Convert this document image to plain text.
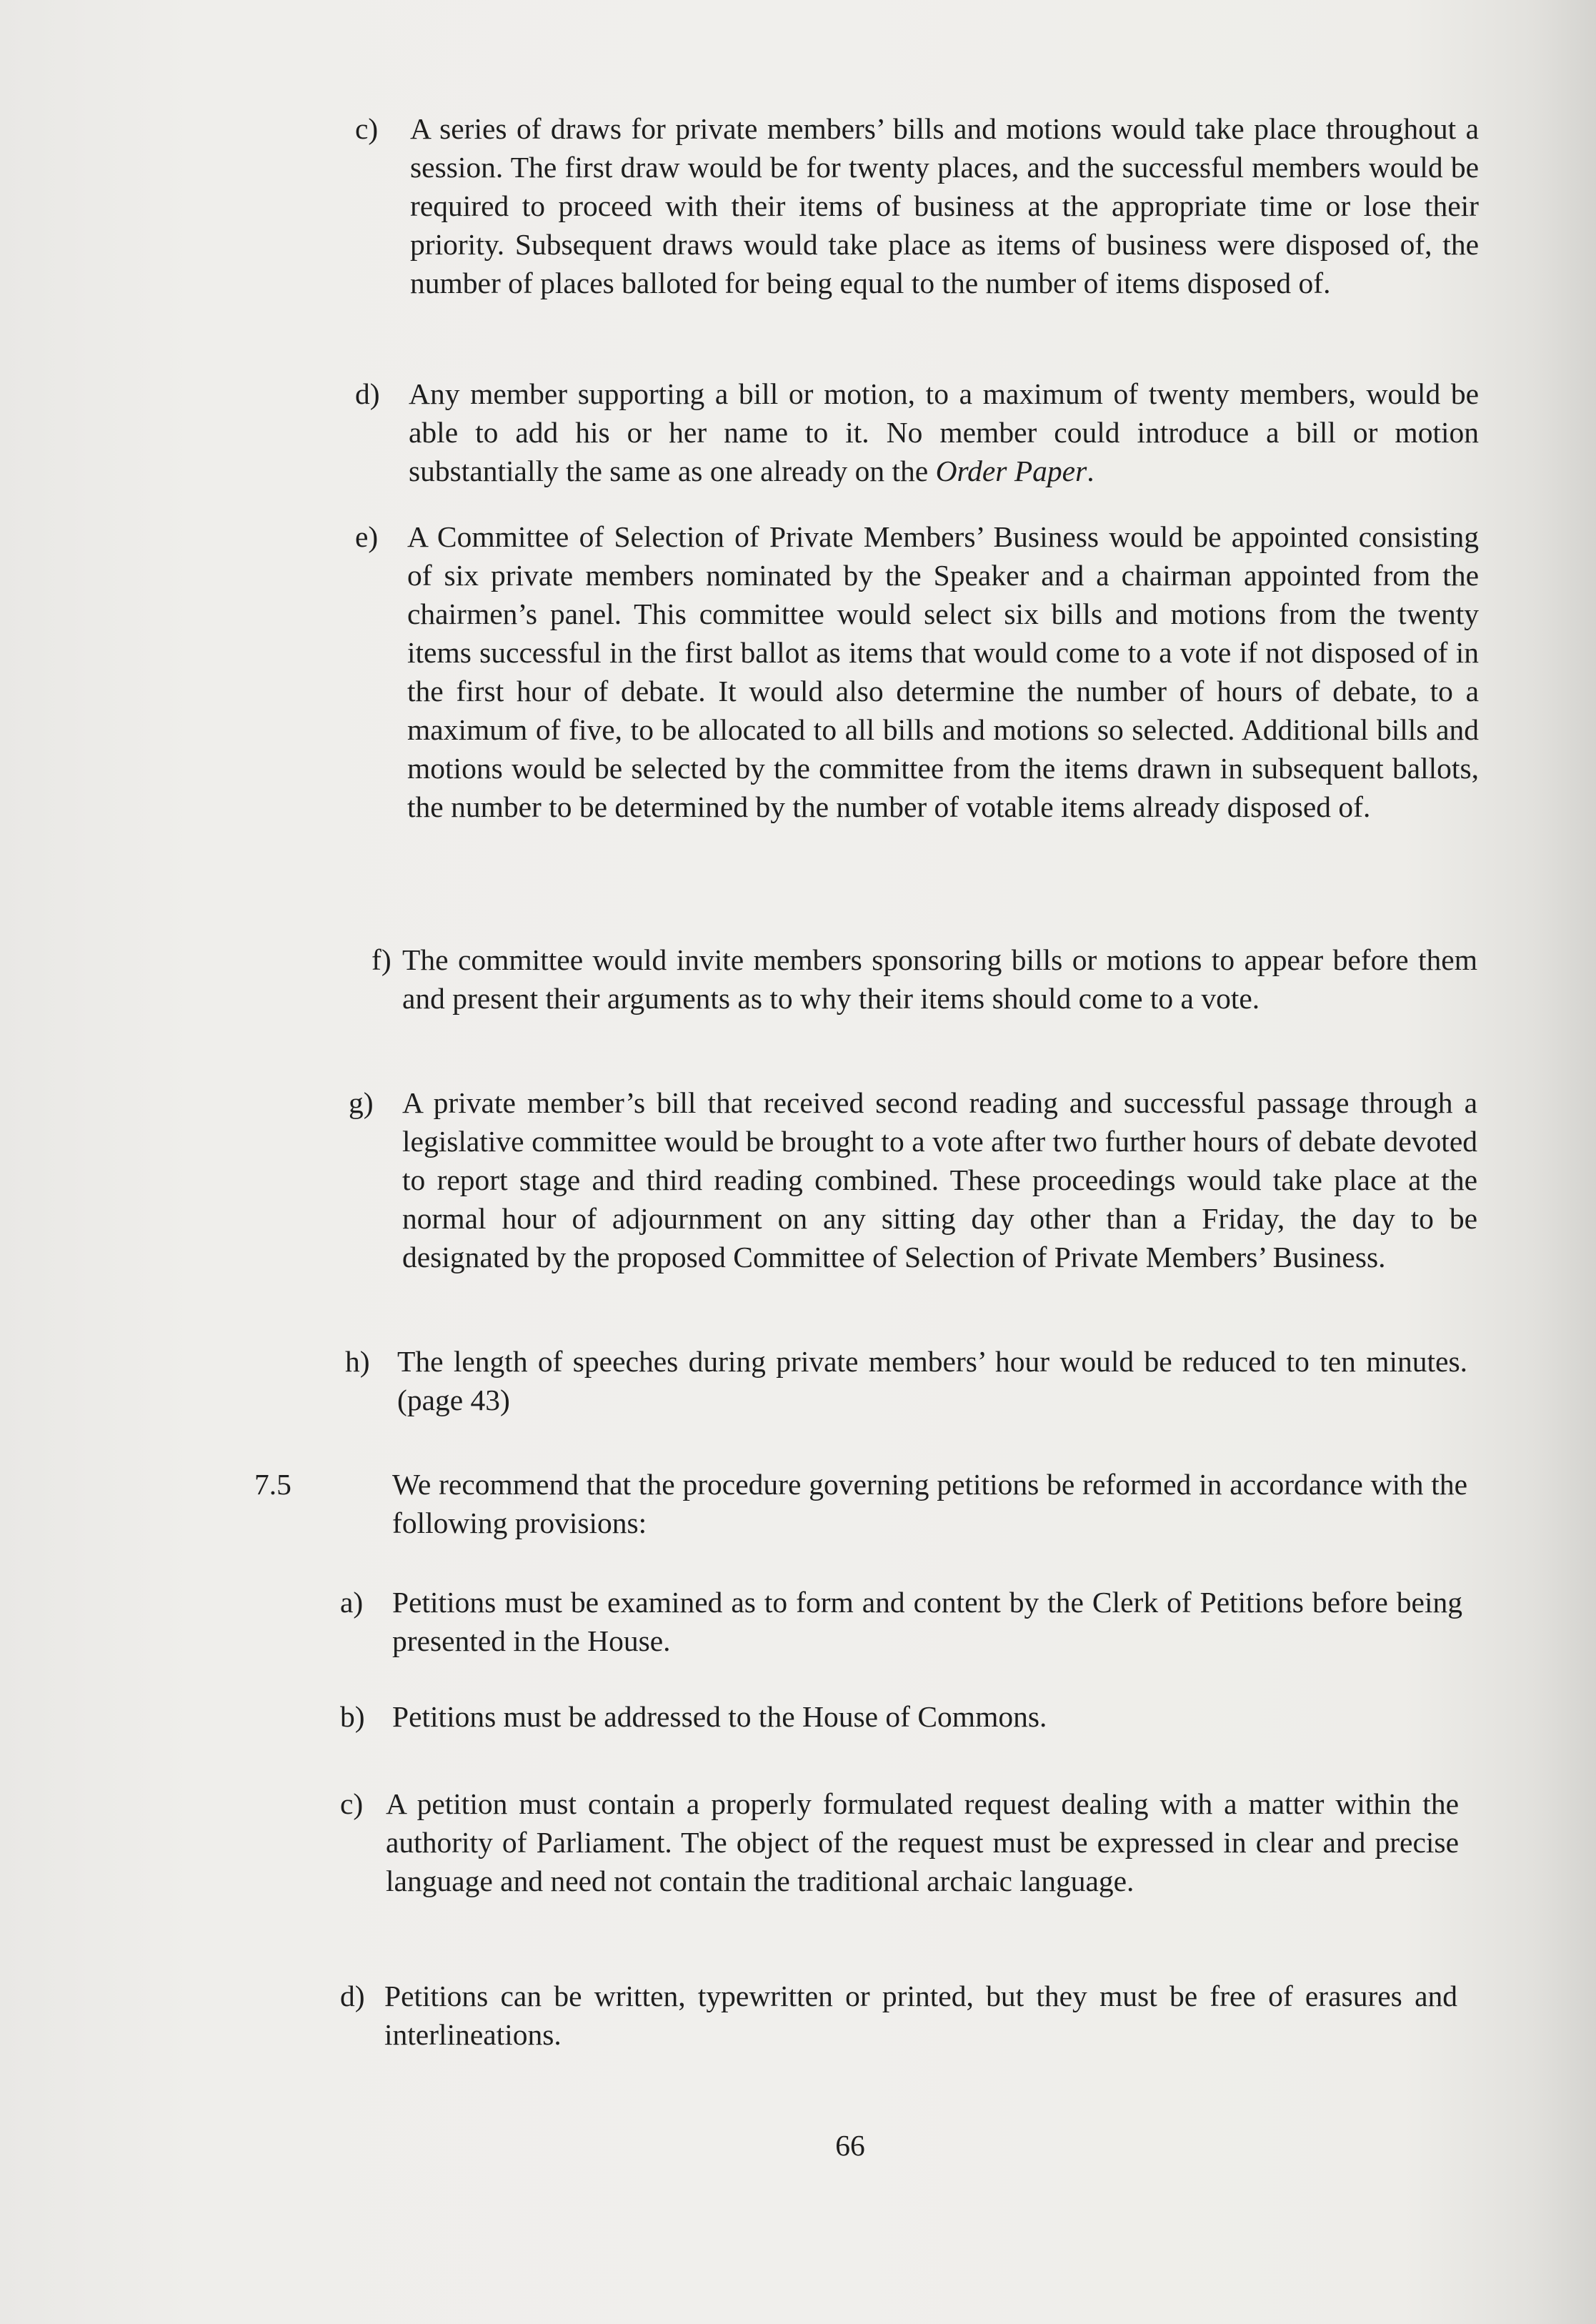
c) A series of draws for private members’ bills and motions would take place throughout a session. The first draw would be for twenty places, and the successful members would be required to proceed with their items of business at the appropriate time or lose their priority. Subsequent draws would take place as items of business were disposed of, the number of places balloted for being equal to the number of items disposed of.

d) Any member supporting a bill or motion, to a maximum of twenty members, would be able to add his or her name to it. No member could introduce a bill or motion substantially the same as one already on the Order Paper.

e) A Committee of Selection of Private Members’ Business would be appointed consisting of six private members nominated by the Speaker and a chairman appointed from the chairmen’s panel. This committee would select six bills and motions from the twenty items successful in the first ballot as items that would come to a vote if not disposed of in the first hour of debate. It would also determine the number of hours of debate, to a maximum of five, to be allocated to all bills and motions so selected. Additional bills and motions would be selected by the committee from the items drawn in subsequent ballots, the number to be determined by the number of votable items already disposed of.

f) The committee would invite members sponsoring bills or motions to appear before them and present their arguments as to why their items should come to a vote.

g) A private member’s bill that received second reading and successful passage through a legislative committee would be brought to a vote after two further hours of debate devoted to report stage and third reading combined. These proceedings would take place at the normal hour of adjournment on any sitting day other than a Friday, the day to be designated by the proposed Committee of Selection of Private Members’ Business.

h) The length of speeches during private members’ hour would be reduced to ten minutes. (page 43)

7.5	We recommend that the procedure governing petitions be reformed in accordance with the following provisions:

a) Petitions must be examined as to form and content by the Clerk of Petitions before being presented in the House.

b) Petitions must be addressed to the House of Commons.

c) A petition must contain a properly formulated request dealing with a matter within the authority of Parliament. The object of the request must be expressed in clear and precise language and need not contain the traditional archaic language.

d) Petitions can be written, typewritten or printed, but they must be free of erasures and interlineations.

66
